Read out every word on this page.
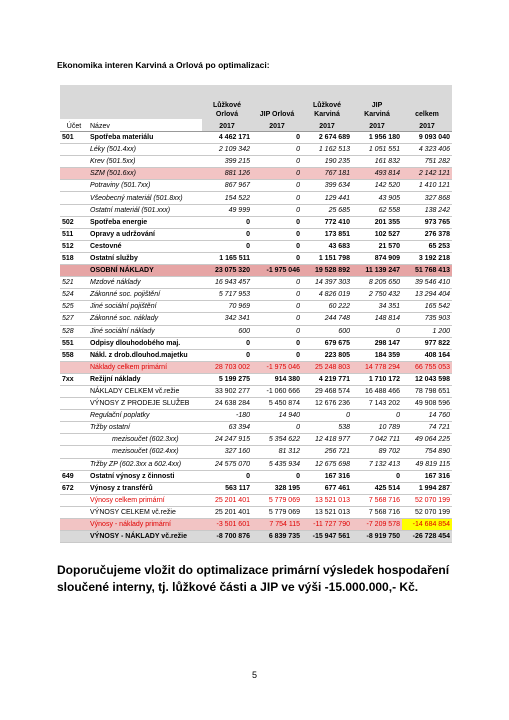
Ekonomika interen Karviná a Orlová po optimalizaci:
		Lůžkové
Orlová	JIP Orlová	Lůžkové
Karviná	JIP
Karviná	celkem
Účet	Název	2017	2017	2017	2017	2017
501	Spotřeba materiálu	4 462 171	0	2 674 689	1 956 180	9 093 040
	Léky (501.4xx)	2 109 342	0	1 162 513	1 051 551	4 323 406
	Krev (501.5xx)	399 215	0	190 235	161 832	751 282
	SZM (501.6xx)	881 126	0	767 181	493 814	2 142 121
	Potraviny (501.7xx)	867 967	0	399 634	142 520	1 410 121
	Všeobecný materiál (501.8xx)	154 522	0	129 441	43 905	327 868
	Ostatní materiál (501.xxx)	49 999	0	25 685	62 558	138 242
502	Spotřeba energie	0	0	772 410	201 355	973 765
511	Opravy a udržování	0	0	173 851	102 527	276 378
512	Cestovné	0	0	43 683	21 570	65 253
518	Ostatní služby	1 165 511	0	1 151 798	874 909	3 192 218
	OSOBNÍ NÁKLADY	23 075 320	-1 975 046	19 528 892	11 139 247	51 768 413
521	Mzdové náklady	16 943 457	0	14 397 303	8 205 650	39 546 410
524	Zákonné soc. pojištění	5 717 953	0	4 826 019	2 750 432	13 294 404
525	Jiné sociální pojištění	70 969	0	60 222	34 351	165 542
527	Zákonné soc. náklady	342 341	0	244 748	148 814	735 903
528	Jiné sociální náklady	600	0	600	0	1 200
551	Odpisy dlouhodobého maj.	0	0	679 675	298 147	977 822
558	Nákl. z drob.dlouhod.majetku	0	0	223 805	184 359	408 164
	Náklady celkem primární	28 703 002	-1 975 046	25 248 803	14 778 294	66 755 053
7xx	Režijní náklady	5 199 275	914 380	4 219 771	1 710 172	12 043 598
	NÁKLADY CELKEM vč.režie	33 902 277	-1 060 666	29 468 574	16 488 466	78 798 651
	VÝNOSY Z PRODEJE SLUŽEB	24 638 284	5 450 874	12 676 236	7 143 202	49 908 596
	Regulační poplatky	-180	14 940	0	0	14 760
	Tržby ostatní	63 394	0	538	10 789	74 721
	mezisoučet (602.3xx)	24 247 915	5 354 622	12 418 977	7 042 711	49 064 225
	mezisoučet (602.4xx)	327 160	81 312	256 721	89 702	754 890
	Tržby ZP (602.3xx a 602.4xx)	24 575 070	5 435 934	12 675 698	7 132 413	49 819 115
649	Ostatní výnosy z činnosti	0	0	167 316	0	167 316
672	Výnosy z transférů	563 117	328 195	677 461	425 514	1 994 287
	Výnosy celkem primární	25 201 401	5 779 069	13 521 013	7 568 716	52 070 199
	VÝNOSY CELKEM vč.režie	25 201 401	5 779 069	13 521 013	7 568 716	52 070 199
	Výnosy - náklady primární	-3 501 601	7 754 115	-11 727 790	-7 209 578	-14 684 854
	VÝNOSY - NÁKLADY vč.režie	-8 700 876	6 839 735	-15 947 561	-8 919 750	-26 728 454
Doporučujeme vložit do optimalizace primární výsledek hospodaření sloučené interny, tj. lůžkové části a JIP ve výši -15.000.000,- Kč.
5
